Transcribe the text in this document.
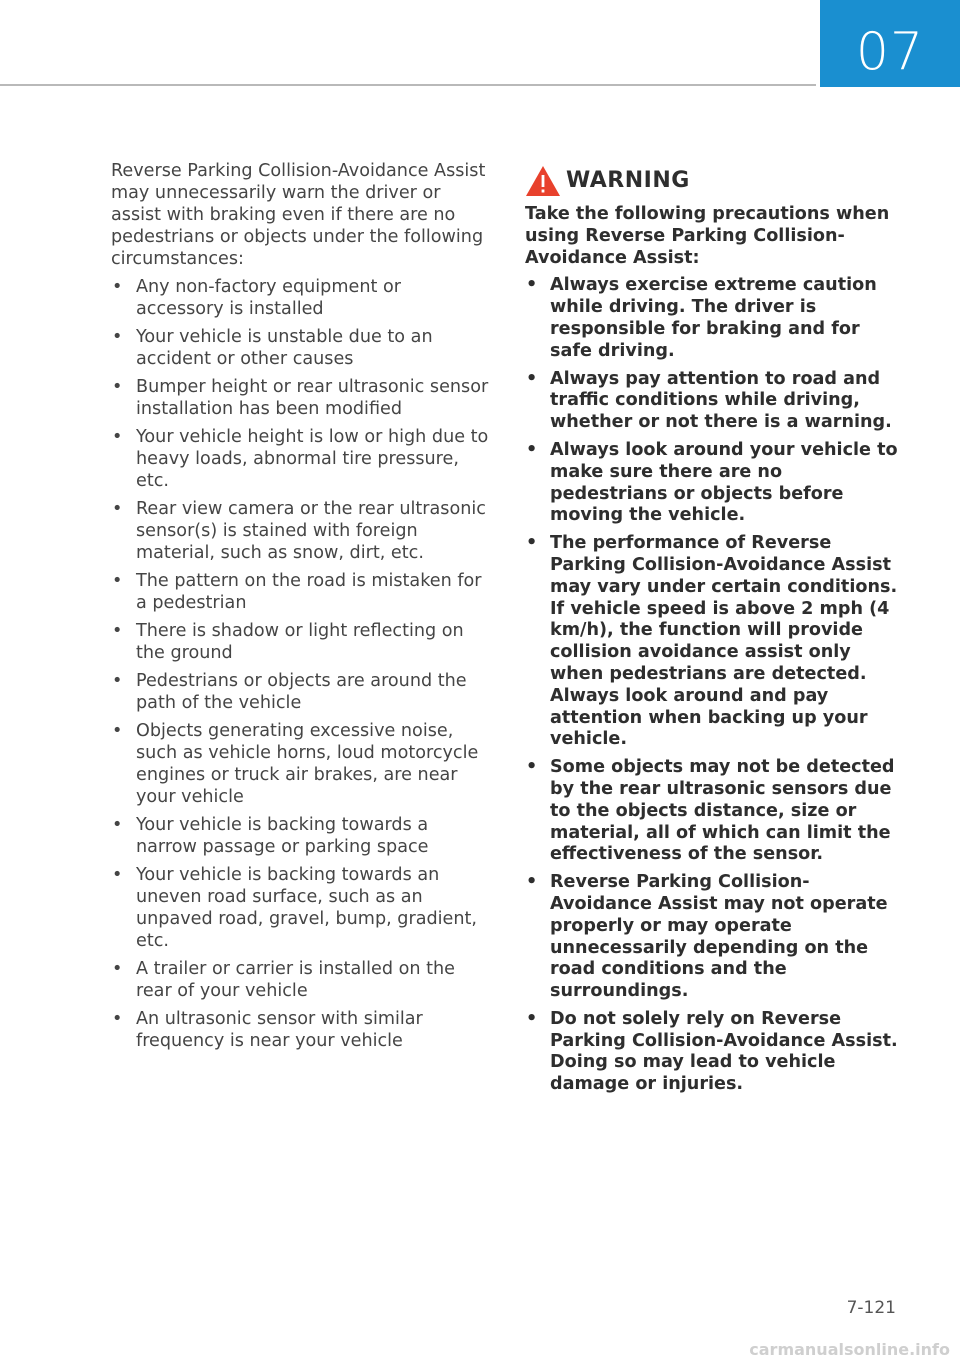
07

Reverse Parking Collision-Avoidance Assist may unnecessarily warn the driver or assist with braking even if there are no pedestrians or objects under the following circumstances:

• Any non-factory equipment or accessory is installed
• Your vehicle is unstable due to an accident or other causes
• Bumper height or rear ultrasonic sensor installation has been modified
• Your vehicle height is low or high due to heavy loads, abnormal tire pressure, etc.
• Rear view camera or the rear ultrasonic sensor(s) is stained with foreign material, such as snow, dirt, etc.
• The pattern on the road is mistaken for a pedestrian
• There is shadow or light reflecting on the ground
• Pedestrians or objects are around the path of the vehicle
• Objects generating excessive noise, such as vehicle horns, loud motorcycle engines or truck air brakes, are near your vehicle
• Your vehicle is backing towards a narrow passage or parking space
• Your vehicle is backing towards an uneven road surface, such as an unpaved road, gravel, bump, gradient, etc.
• A trailer or carrier is installed on the rear of your vehicle
• An ultrasonic sensor with similar frequency is near your vehicle
WARNING

Take the following precautions when using Reverse Parking Collision-Avoidance Assist:

• Always exercise extreme caution while driving. The driver is responsible for braking and for safe driving.
• Always pay attention to road and traffic conditions while driving, whether or not there is a warning.
• Always look around your vehicle to make sure there are no pedestrians or objects before moving the vehicle.
• The performance of Reverse Parking Collision-Avoidance Assist may vary under certain conditions. If vehicle speed is above 2 mph (4 km/h), the function will provide collision avoidance assist only when pedestrians are detected. Always look around and pay attention when backing up your vehicle.
• Some objects may not be detected by the rear ultrasonic sensors due to the objects distance, size or material, all of which can limit the effectiveness of the sensor.
• Reverse Parking Collision-Avoidance Assist may not operate properly or may operate unnecessarily depending on the road conditions and the surroundings.
• Do not solely rely on Reverse Parking Collision-Avoidance Assist. Doing so may lead to vehicle damage or injuries.
7-121
carmanualsonline.info
